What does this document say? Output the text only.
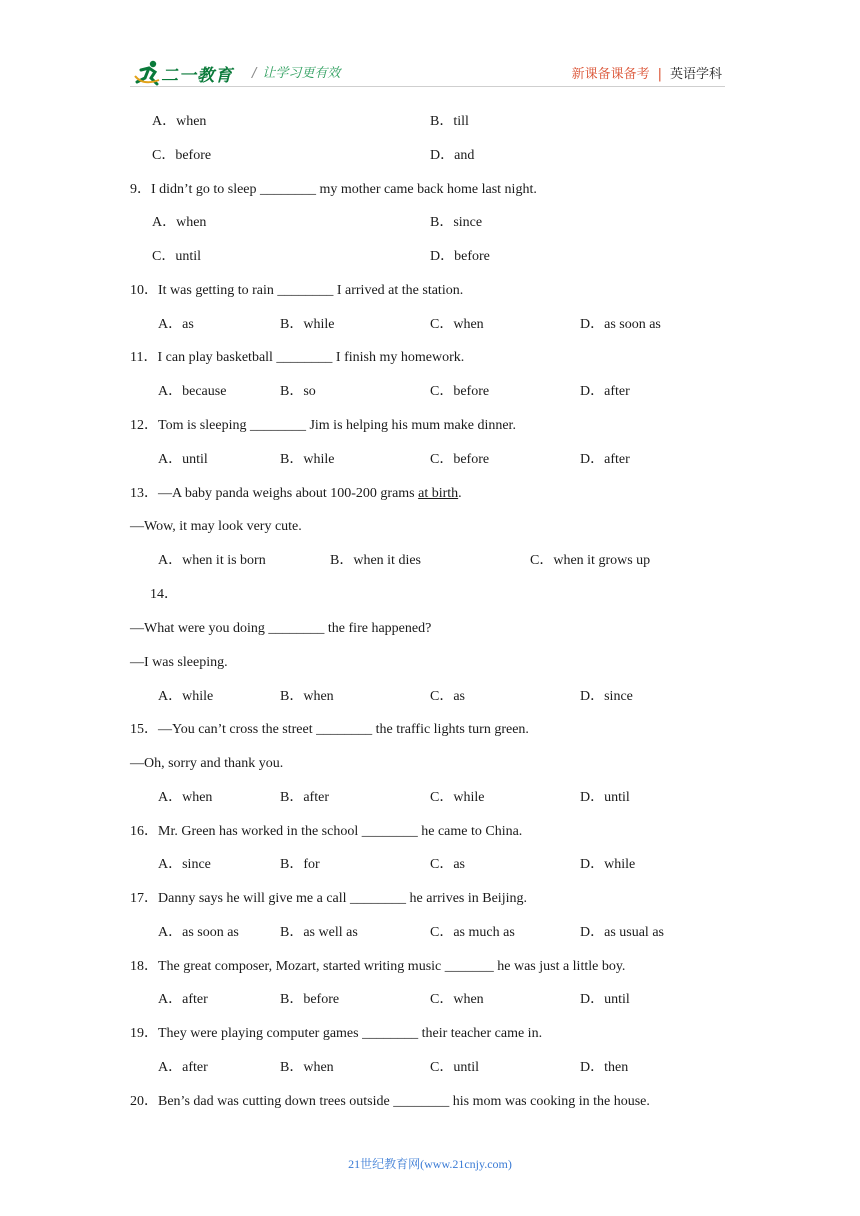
二一教育 / 让学习更有效	新课备课备考 | 英语学科
A．when	B．till
C．before	D．and
9．I didn’t go to sleep ________ my mother came back home last night.
A．when	B．since
C．until	D．before
10．It was getting to rain ________ I arrived at the station.
A．as	B．while	C．when	D．as soon as
11．I can play basketball ________ I finish my homework.
A．because	B．so	C．before	D．after
12．Tom is sleeping ________ Jim is helping his mum make dinner.
A．until	B．while	C．before	D．after
13．—A baby panda weighs about 100-200 grams at birth.
—Wow, it may look very cute.
A．when it is born	B．when it dies	C．when it grows up
14．
—What were you doing ________ the fire happened?
—I was sleeping.
A．while	B．when	C．as	D．since
15．—You can’t cross the street ________ the traffic lights turn green.
—Oh, sorry and thank you.
A．when	B．after	C．while	D．until
16．Mr. Green has worked in the school ________ he came to China.
A．since	B．for	C．as	D．while
17．Danny says he will give me a call ________ he arrives in Beijing.
A．as soon as	B．as well as	C．as much as	D．as usual as
18．The great composer, Mozart, started writing music _______ he was just a little boy.
A．after	B．before	C．when	D．until
19．They were playing computer games ________ their teacher came in.
A．after	B．when	C．until	D．then
20．Ben’s dad was cutting down trees outside ________ his mom was cooking in the house.
21世纪教育网(www.21cnjy.com)
